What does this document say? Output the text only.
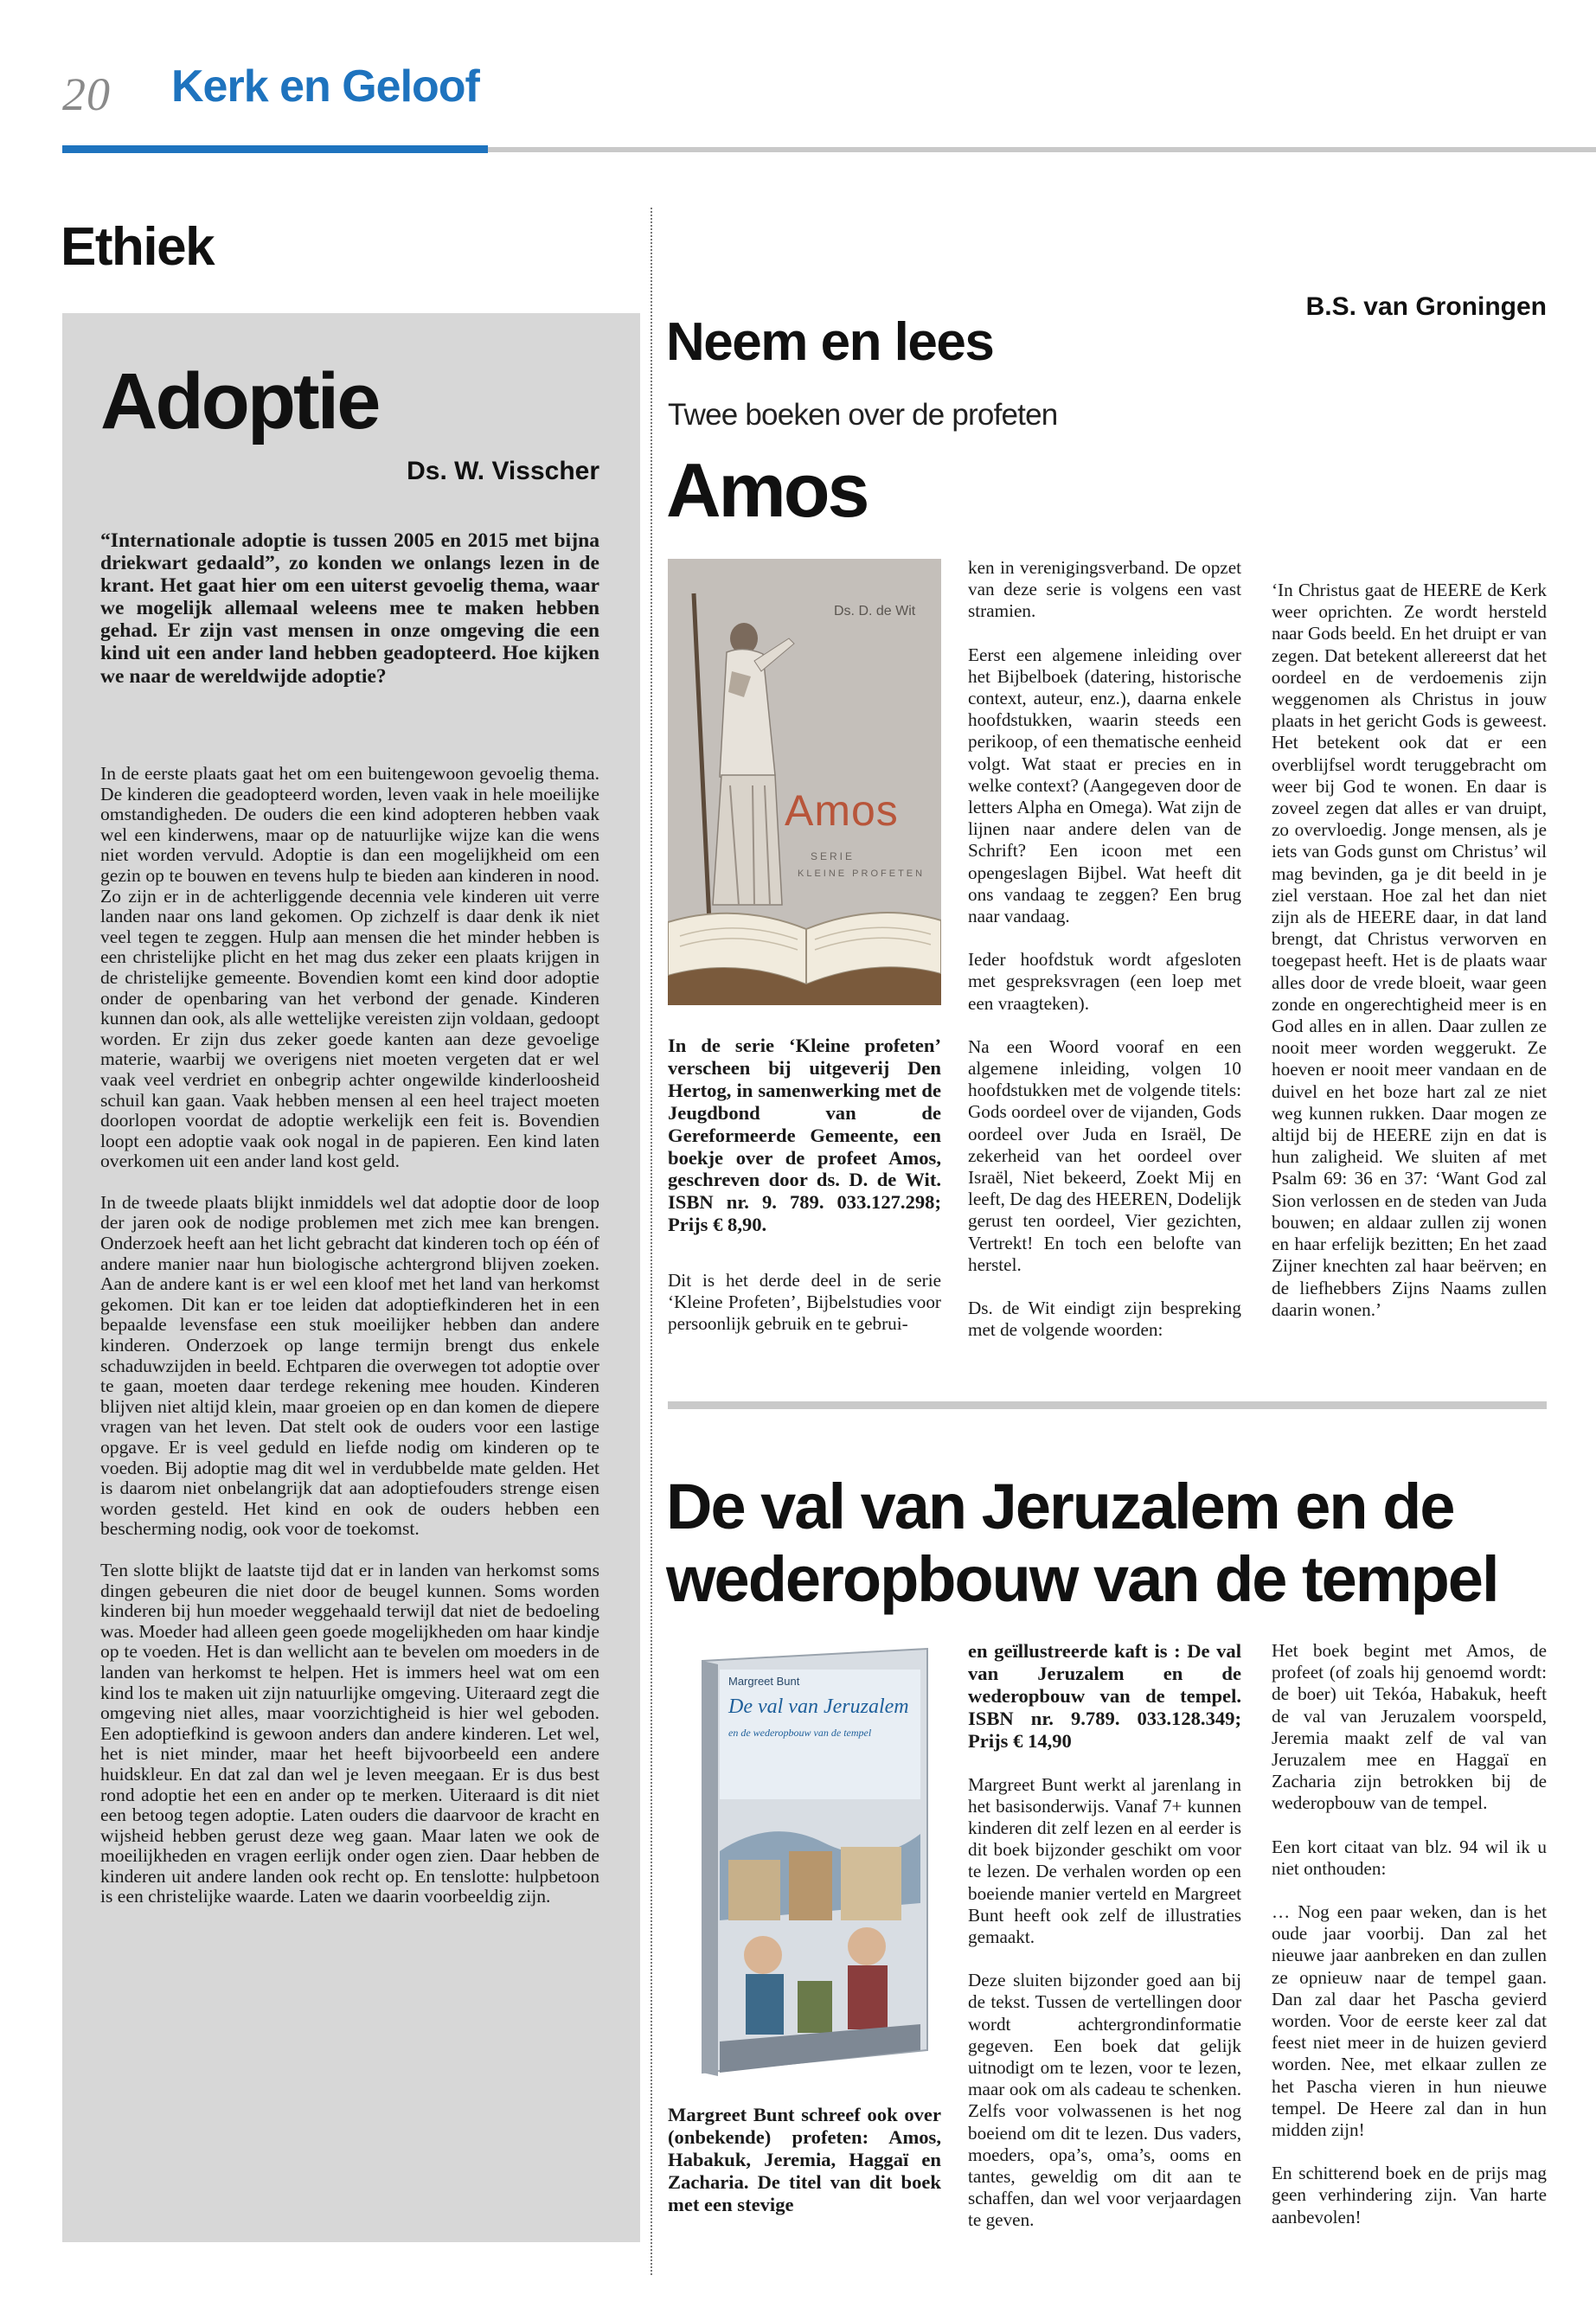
20 Kerk en Geloof
Ethiek
Adoptie
Ds. W. Visscher
“Internationale adoptie is tussen 2005 en 2015 met bijna driekwart gedaald”, zo konden we onlangs lezen in de krant. Het gaat hier om een uiterst gevoelig thema, waar we mogelijk allemaal weleens mee te maken hebben gehad. Er zijn vast mensen in onze omgeving die een kind uit een ander land hebben geadopteerd. Hoe kijken we naar de wereldwijde adoptie?

In de eerste plaats gaat het om een buitengewoon gevoelig thema. De kinderen die geadopteerd worden, leven vaak in hele moeilijke omstandigheden. De ouders die een kind adopteren hebben vaak wel een kinderwens, maar op de natuurlijke wijze kan die wens niet worden vervuld. Adoptie is dan een mogelijkheid om een gezin op te bouwen en tevens hulp te bieden aan kinderen in nood. Zo zijn er in de achterliggende decennia vele kinderen uit verre landen naar ons land gekomen. Op zichzelf is daar denk ik niet veel tegen te zeggen. Hulp aan mensen die het minder hebben is een christelijke plicht en het mag dus zeker een plaats krijgen in de christelijke gemeente. Bovendien komt een kind door adoptie onder de openbaring van het verbond der genade. Kinderen kunnen dan ook, als alle wettelijke vereisten zijn voldaan, gedoopt worden. Er zijn dus zeker goede kanten aan deze gevoelige materie, waarbij we overigens niet moeten vergeten dat er wel vaak veel verdriet en onbegrip achter ongewilde kinderloosheid schuil kan gaan. Vaak hebben mensen al een heel traject moeten doorlopen voordat de adoptie werkelijk een feit is. Bovendien loopt een adoptie vaak ook nogal in de papieren. Een kind laten overkomen uit een ander land kost geld.

In de tweede plaats blijkt inmiddels wel dat adoptie door de loop der jaren ook de nodige problemen met zich mee kan brengen. Onderzoek heeft aan het licht gebracht dat kinderen toch op één of andere manier naar hun biologische achtergrond blijven zoeken. Aan de andere kant is er wel een kloof met het land van herkomst gekomen. Dit kan er toe leiden dat adoptiefkinderen het in een bepaalde levensfase een stuk moeilijker hebben dan andere kinderen. Onderzoek op lange termijn brengt dus enkele schaduwzijden in beeld. Echtparen die overwegen tot adoptie over te gaan, moeten daar terdege rekening mee houden. Kinderen blijven niet altijd klein, maar groeien op en dan komen de diepere vragen van het leven. Dat stelt ook de ouders voor een lastige opgave. Er is veel geduld en liefde nodig om kinderen op te voeden. Bij adoptie mag dit wel in verdubbelde mate gelden. Het is daarom niet onbelangrijk dat aan adoptiefouders strenge eisen worden gesteld. Het kind en ook de ouders hebben een bescherming nodig, ook voor de toekomst.

Ten slotte blijkt de laatste tijd dat er in landen van herkomst soms dingen gebeuren die niet door de beugel kunnen. Soms worden kinderen bij hun moeder weggehaald terwijl dat niet de bedoeling was. Moeder had alleen geen goede mogelijkheden om haar kindje op te voeden. Het is dan wellicht aan te bevelen om moeders in de landen van herkomst te helpen. Het is immers heel wat om een kind los te maken uit zijn natuurlijke omgeving. Uiteraard zegt die omgeving niet alles, maar voorzichtigheid is hier wel geboden. Een adoptiefkind is gewoon anders dan andere kinderen. Let wel, het is niet minder, maar het heeft bijvoorbeeld een andere huidskleur. En dat zal dan wel je leven meegaan. Er is dus best rond adoptie het een en ander op te merken. Uiteraard is dit niet een betoog tegen adoptie. Laten ouders die daarvoor de kracht en wijsheid hebben gerust deze weg gaan. Maar laten we ook de moeilijkheden en vragen eerlijk onder ogen zien. Daar hebben de kinderen uit andere landen ook recht op. En tenslotte: hulpbetoon is een christelijke waarde. Laten we daarin voorbeeldig zijn.

Neem en lees
Twee boeken over de profeten
Amos
B.S. van Groningen
Ds. D. de Wit
Amos
SERIE
KLEINE PROFETEN
In de serie ‘Kleine profeten’ verscheen bij uitgeverij Den Hertog, in samenwerking met de Jeugdbond van de Gereformeerde Gemeente, een boekje over de profeet Amos, geschreven door ds. D. de Wit. ISBN nr. 9. 789. 033.127.298; Prijs € 8,90.
Dit is het derde deel in de serie ‘Kleine Profeten’, Bijbelstudies voor persoonlijk gebruik en te gebrui-

ken in verenigingsverband. De opzet van deze serie is volgens een vast stramien.

Eerst een algemene inleiding over het Bijbelboek (datering, historische context, auteur, enz.), daarna enkele hoofdstukken, waarin steeds een perikoop, of een thematische eenheid volgt. Wat staat er precies en in welke context? (Aangegeven door de letters Alpha en Omega). Wat zijn de lijnen naar andere delen van de Schrift? Een icoon met een opengeslagen Bijbel. Wat heeft dit ons vandaag te zeggen? Een brug naar vandaag.

Ieder hoofdstuk wordt afgesloten met gespreksvragen (een loep met een vraagteken).

Na een Woord vooraf en een algemene inleiding, volgen 10 hoofdstukken met de volgende titels: Gods oordeel over de vijanden, Gods oordeel over Juda en Israël, De zekerheid van het oordeel over Israël, Niet bekeerd, Zoekt Mij en leeft, De dag des HEEREN, Dodelijk gerust ten oordeel, Vier gezichten, Vertrekt! En toch een belofte van herstel.

Ds. de Wit eindigt zijn bespreking met de volgende woorden:

‘In Christus gaat de HEERE de Kerk weer oprichten. Ze wordt hersteld naar Gods beeld. En het druipt er van zegen. Dat betekent allereerst dat het oordeel en de verdoemenis zijn weggenomen als Christus in jouw plaats in het gericht Gods is geweest. Het betekent ook dat er een overblijfsel wordt teruggebracht om weer bij God te wonen. En daar is zoveel zegen dat alles er van druipt, zo overvloedig. Jonge mensen, als je iets van Gods gunst om Christus’ wil mag bevinden, ga je dit beeld in je ziel verstaan. Hoe zal het dan niet zijn als de HEERE daar, in dat land brengt, dat Christus verworven en toegepast heeft. Het is de plaats waar alles door de vrede bloeit, waar geen zonde en ongerechtigheid meer is en God alles en in allen. Daar zullen ze nooit meer worden weggerukt. Ze hoeven er nooit meer vandaan en de duivel en het boze hart zal ze niet weg kunnen rukken. Daar mogen ze altijd bij de HEERE zijn en dat is hun zaligheid. We sluiten af met Psalm 69: 36 en 37: ‘Want God zal Sion verlossen en de steden van Juda bouwen; en aldaar zullen zij wonen en haar erfelijk bezitten; En het zaad Zijner knechten zal haar beërven; en de liefhebbers Zijns Naams zullen daarin wonen.’

De val van Jeruzalem en de wederopbouw van de tempel
Margreet Bunt
De val van Jeruzalem
en de wederopbouw van de tempel
Margreet Bunt schreef ook over (onbekende) profeten: Amos, Habakuk, Jeremia, Haggaï en Zacharia. De titel van dit boek met een stevige

en geïllustreerde kaft is : De val van Jeruzalem en de wederopbouw van de tempel. ISBN nr. 9.789. 033.128.349; Prijs € 14,90

Margreet Bunt werkt al jarenlang in het basisonderwijs. Vanaf 7+ kunnen kinderen dit zelf lezen en al eerder is dit boek bijzonder geschikt om voor te lezen. De verhalen worden op een boeiende manier verteld en Margreet Bunt heeft ook zelf de illustraties gemaakt.

Deze sluiten bijzonder goed aan bij de tekst. Tussen de vertellingen door wordt achtergrondinformatie gegeven. Een boek dat gelijk uitnodigt om te lezen, voor te lezen, maar ook om als cadeau te schenken. Zelfs voor volwassenen is het nog boeiend om dit te lezen. Dus vaders, moeders, opa’s, oma’s, ooms en tantes, geweldig om dit aan te schaffen, dan wel voor verjaardagen te geven.

Het boek begint met Amos, de profeet (of zoals hij genoemd wordt: de boer) uit Tekóa, Habakuk, heeft de val van Jeruzalem voorspeld, Jeremia maakt zelf de val van Jeruzalem mee en Haggaï en Zacharia zijn betrokken bij de wederopbouw van de tempel.

Een kort citaat van blz. 94 wil ik u niet onthouden:

… Nog een paar weken, dan is het oude jaar voorbij. Dan zal het nieuwe jaar aanbreken en dan zullen ze opnieuw naar de tempel gaan. Dan zal daar het Pascha gevierd worden. Voor de eerste keer zal dat feest niet meer in de huizen gevierd worden. Nee, met elkaar zullen ze het Pascha vieren in hun nieuwe tempel. De Heere zal dan in hun midden zijn!

En schitterend boek en de prijs mag geen verhindering zijn. Van harte aanbevolen!
